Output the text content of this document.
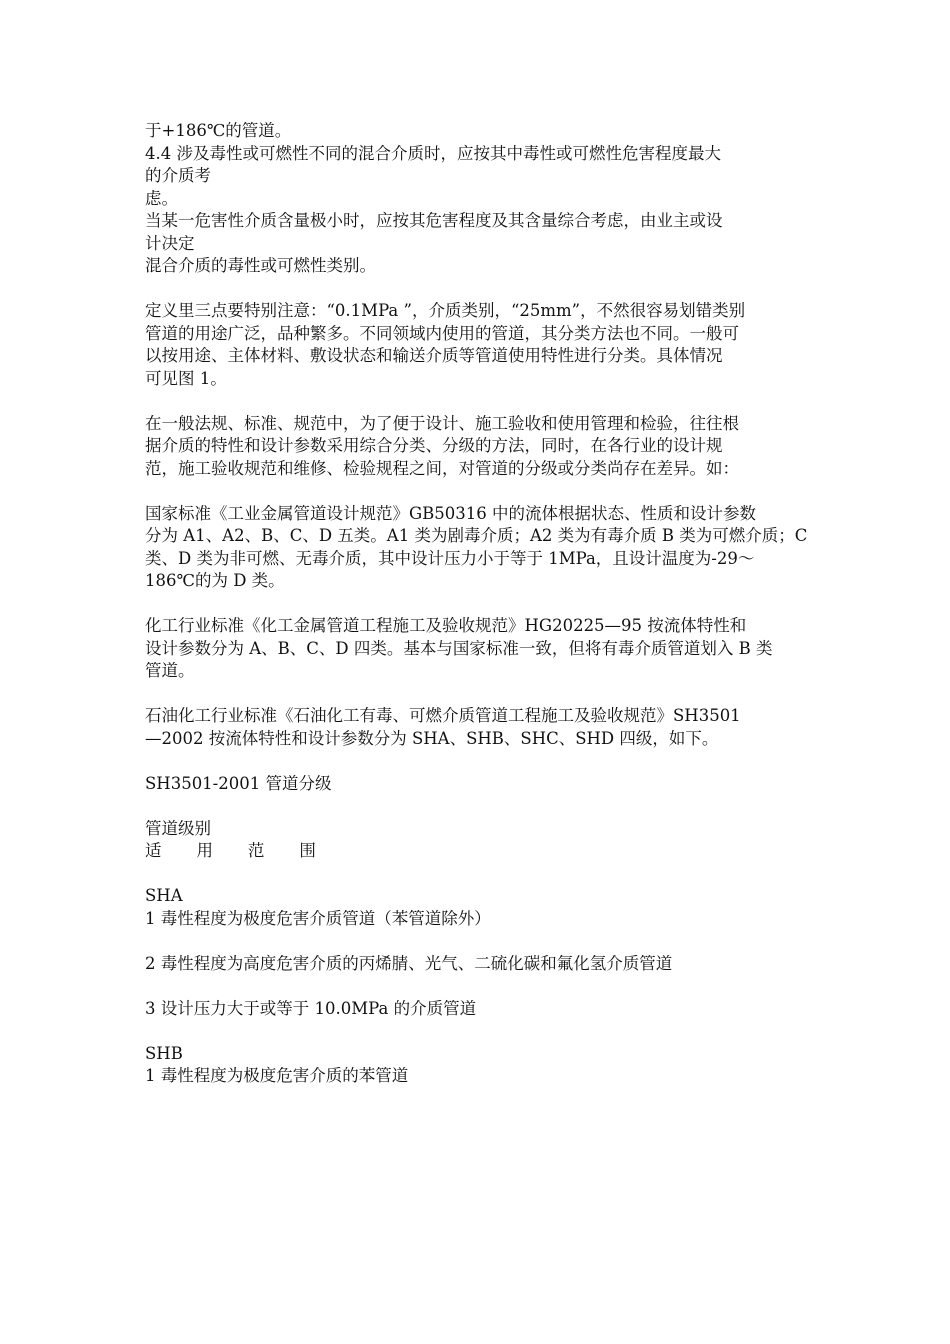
于+186℃的管道。
4.4 涉及毒性或可燃性不同的混合介质时，应按其中毒性或可燃性危害程度最大
的介质考
虑。
当某一危害性介质含量极小时，应按其危害程度及其含量综合考虑，由业主或设
计决定
混合介质的毒性或可燃性类别。
定义里三点要特别注意：“0.1MPa ”，介质类别，“25mm”，不然很容易划错类别
管道的用途广泛，品种繁多。不同领域内使用的管道，其分类方法也不同。一般可
以按用途、主体材料、敷设状态和输送介质等管道使用特性进行分类。具体情况
可见图 1。
在一般法规、标准、规范中，为了便于设计、施工验收和使用管理和检验，往往根
据介质的特性和设计参数采用综合分类、分级的方法，同时，在各行业的设计规
范，施工验收规范和维修、检验规程之间，对管道的分级或分类尚存在差异。如：
国家标准《工业金属管道设计规范》GB50316 中的流体根据状态、性质和设计参数
分为 A1、A2、B、C、D 五类。A1 类为剧毒介质；A2 类为有毒介质 B 类为可燃介质；C
类、D 类为非可燃、无毒介质，其中设计压力小于等于 1MPa，且设计温度为-29～
186℃的为 D 类。
化工行业标准《化工金属管道工程施工及验收规范》HG20225—95 按流体特性和
设计参数分为 A、B、C、D 四类。基本与国家标准一致，但将有毒介质管道划入 B 类
管道。
石油化工行业标准《石油化工有毒、可燃介质管道工程施工及验收规范》SH3501
—2002 按流体特性和设计参数分为 SHA、SHB、SHC、SHD 四级，如下。
SH3501-2001 管道分级
管道级别
适 用 范 围
SHA
1 毒性程度为极度危害介质管道（苯管道除外）
2 毒性程度为高度危害介质的丙烯腈、光气、二硫化碳和氟化氢介质管道
3 设计压力大于或等于 10.0MPa 的介质管道
SHB
1 毒性程度为极度危害介质的苯管道
